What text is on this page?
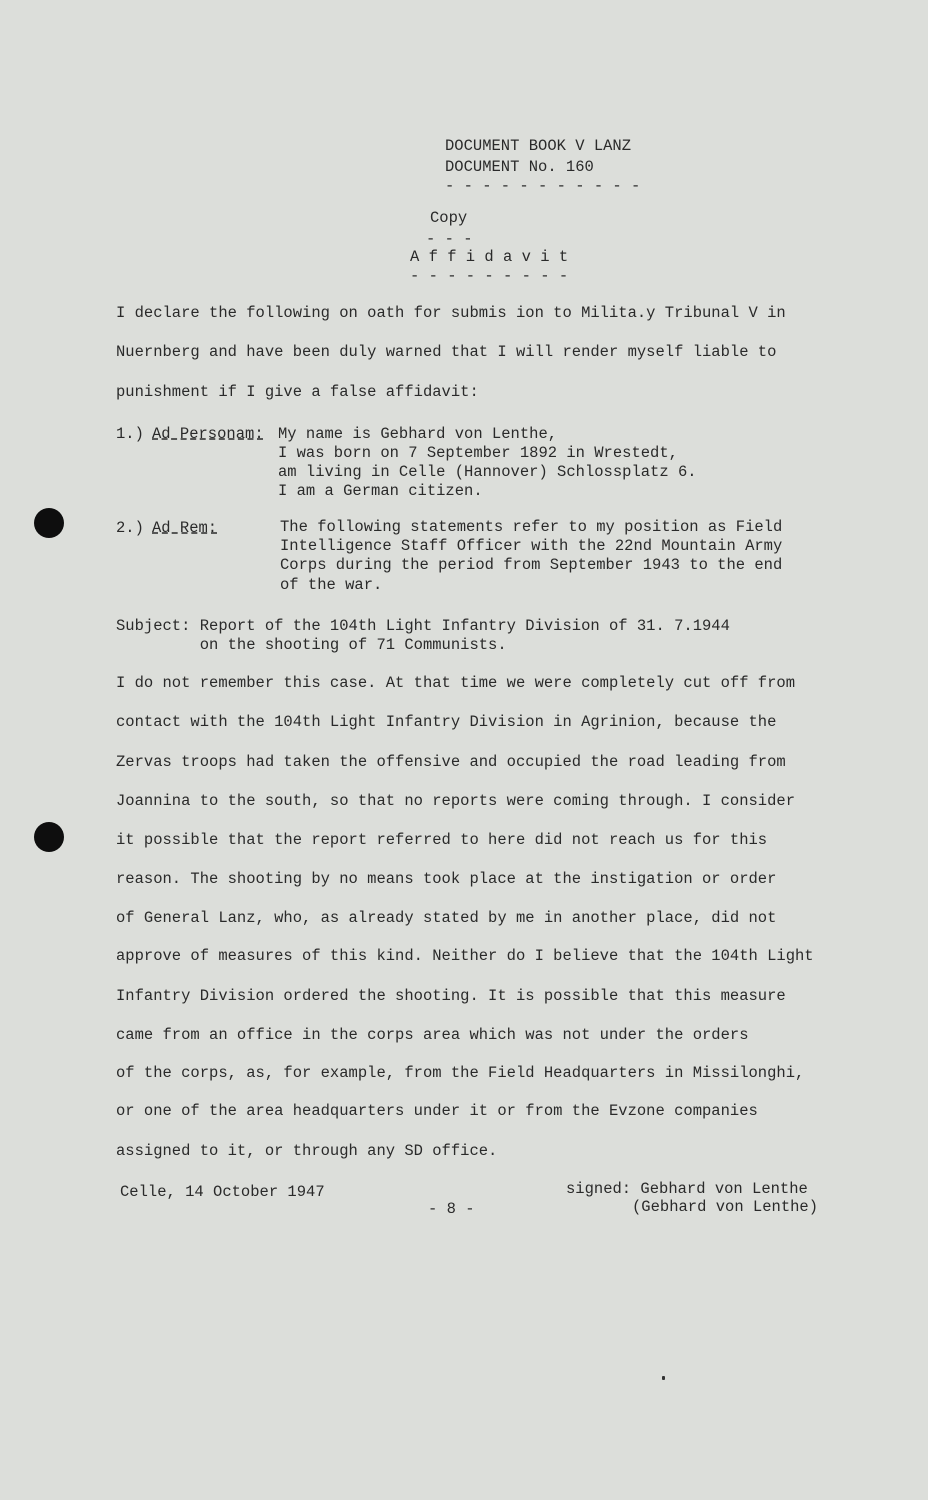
DOCUMENT BOOK V LANZ
DOCUMENT No. 160
- - - - - - - - - - -
Copy
- - -
A f f i d a v i t
- - - - - - - - -
I declare the following on oath for submis ion to Milita.y Tribunal V in
Nuernberg and have been duly warned that I will render myself liable to
punishment if I give a false affidavit:
1.) Ad Personam: My name is Gebhard von Lenthe,
I was born on 7 September 1892 in Wrestedt,
am living in Celle (Hannover) Schlossplatz 6.
I am a German citizen.
2.) Ad Rem:	The following statements refer to my position as Field
Intelligence Staff Officer with the 22nd Mountain Army
Corps during the period from September 1943 to the end
of the war.
Subject: Report of the 104th Light Infantry Division of 31. 7.1944
on the shooting of 71 Communists.
I do not remember this case. At that time we were completely cut off from
contact with the 104th Light Infantry Division in Agrinion, because the
Zervas troops had taken the offensive and occupied the road leading from
Joannina to the south, so that no reports were coming through. I consider
it possible that the report referred to here did not reach us for this
reason. The shooting by no means took place at the instigation or order
of General Lanz, who, as already stated by me in another place, did not
approve of measures of this kind. Neither do I believe that the 104th Light
Infantry Division ordered the shooting. It is possible that this measure
came from an office in the corps area which was not under the orders
of the corps, as, for example, from the Field Headquarters in Missilonghi,
or one of the area headquarters under it or from the Evzone companies
assigned to it, or through any SD office.
Celle, 14 October 1947
- 8 -
signed: Gebhard von Lenthe
(Gebhard von Lenthe)
